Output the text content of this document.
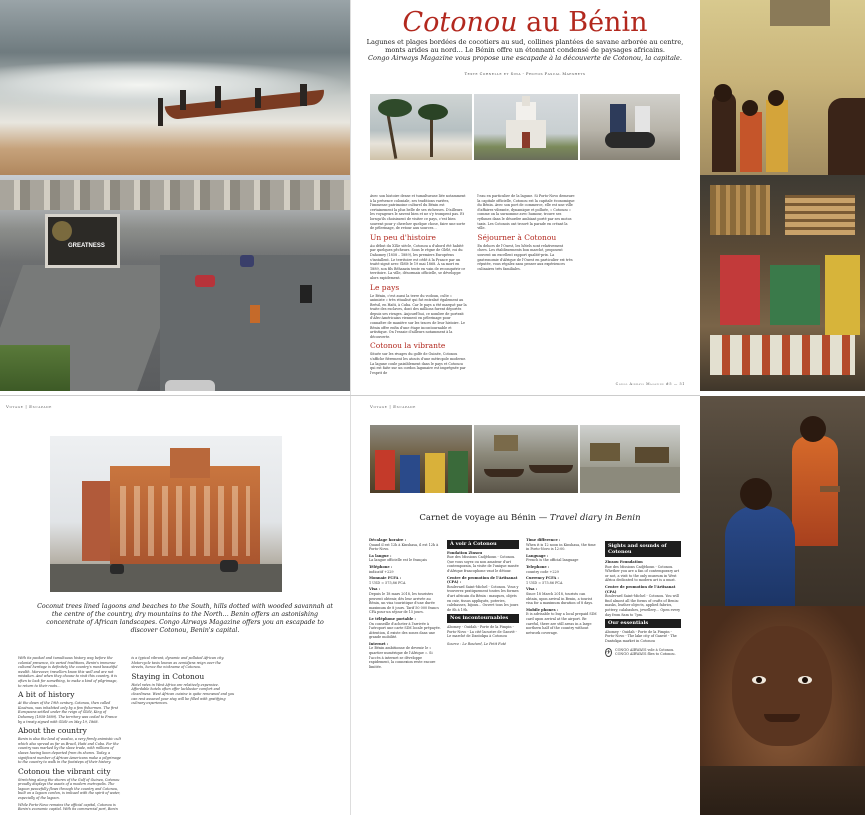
GREATNESS
Cotonou au Bénin
Lagunes et plages bordées de cocotiers au sud, collines plantées de savane arborée au centre, monts arides au nord… Le Bénin offre un étonnant condensé de paysages africains.
Congo Airways Magazine vous propose une escapade à la découverte de Cotonou, la capitale.
Texte Cornelle et Sina - Photos Pascal Maeshets

Avec son histoire dense et tumultueuse liée notamment à la présence coloniale, ses traditions variées, l'immense patrimoine culturel du Bénin est certainement la plus belle de ses richesses. D'ailleurs les voyageurs le savent bien et ne s'y trompent pas. Et lorsqu'ils choisissent de visiter ce pays, c'est bien souvent pour y chercher quelque chose, faire une sorte de pèlerinage, de retour aux sources…

Un peu d'histoire

Au début du XIXe siècle, Cotonou a d'abord été habité par quelques pêcheurs. Sous le règne de Glélé, roi du Dahomey (1858 – 1889), les premiers Européens s'installent. Le territoire est cédé à la France par un traité signé avec Glélé le 19 mai 1868. À sa mort en 1889, son fils Béhanzin tente en vain de reconquérir ce territoire. La ville, désormais officielle, se développe alors rapidement.

Le pays

Le Bénin, c'est aussi la terre du vodoun, culte « animiste » très ritualisé qui fut entraîné également au Brésil, en Haïti, à Cuba. Car le pays a été marqué par la traite des esclaves, dont des millions furent déportés depuis ses rivages. Aujourd'hui, ce nombre de portrait d'Afro-Américains viennent en pèlerinage pour connaître de manière sur les traces de leur histoire. Le Bénin offre enfin d'une étape incontournable et artistique. On l'essaie d'ailleurs notamment à la découverte.

Cotonou la vibrante

Située sur les rivages du golfe de Guinée, Cotonou s'affiche fièrement les atouts d'une métropole moderne. La lagune coule paisiblement dans le pays et Cotonou qui est faite sur un cordon lagunaire est imprégnée par l'esprit de

l'eau en particulier de la lagune. Si Porto-Novo demeure la capitale officielle, Cotonou est la capitale économique du Bénin. Avec son port de commerce, elle est une ville d'affaires vibrante, dynamique et polluée, « Cotonou » comme on la surnomme avec humour, trouve ses rythmes dans le désordre ambiant porté par ses motos taxis. Les Cotonois ont trouvé la parade en créant la ville.

Séjourner à Cotonou

En dehors de l'Ouest, les hôtels sont relativement chers. Les établissements bon marché, proposent souvent un excellent rapport qualité-prix. La gastronomie d'Afrique de l'Ouest en particulier est très réputée, vous régalez sans penser aux expériences culinaires très familiales.

Congo Airways Magazine #5 — 51
Voyage | Escapade
Coconut trees lined lagoons and beaches to the South, hills dotted with wooded savannah at the centre of the country, dry mountains to the North… Benin offers an astonishing concentrate of African landscapes. Congo Airways Magazine offers you an escapade to discover Cotonou, Benin's capital.

With its packed and tumultuous history way before the colonial presence, its varied traditions, Benin's immense cultural heritage is definitely the country's most beautiful wealth. Moreover, travellers know this well and are not mistaken. And when they choose to visit this country, it is often to look for something, to make a kind of pilgrimage, to return to their roots…

A bit of history

At the dawn of the 19th century, Cotonou, then called Kouénou, was inhabited only by a few fishermen. The first Europeans settled under the reign of Glélé, King of Dahomey (1858-1889). The territory was ceded to France by a treaty signed with Glélé on May 19, 1868.

About the country

Benin is also the land of voodoo, a very firmly animistic cult which also spread as far as Brazil, Haiti and Cuba. For the country was marked by the slave trade, with millions of slaves having been deported from its shores. Today, a significant number of African-Americans make a pilgrimage to the country to walk in the footsteps of their history.

Cotonou the vibrant city

Stretching along the shores of the Gulf of Guinea, Cotonou proudly displays the assets of a modern metropolis. The lagoon peacefully flows through the country and Cotonou, built on a lagoon cordon, is imbued with the spirit of water, especially of the lagoon.

While Porto-Novo remains the official capital, Cotonou is Benin's economic capital. With its commercial port, Benin is a typical vibrant, dynamic and polluted African city. Motorcycle taxis known as zemidjans reign over the streets, hence the nickname of Cotonou.

Staying in Cotonou

Hotel rates in West Africa are relatively expensive. Affordable hotels often offer lackluster comfort and cleanliness. West African cuisine is quite renowned and you can rest assured your stay will be filled with gratifying culinary experiences.

Voyage | Escapade
Carnet de voyage au Bénin — Travel diary in Benin
Décalage horaire :
Quand il est 12h à Kinshasa, il est 12h à Porto-Novo.
La langue :
La langue officielle est le français
Téléphone :
indicatif +229
Monnaie FCFA :
1 USD = 575,86 FCA
Visa :
Depuis le 18 mars 2018, les touristes peuvent obtenir, dès leur arrivée au Bénin, un visa touristique d'une durée maximum de 8 jours. Tarif 50 000 francs CFA pour un séjour de 15 jours.
Le téléphone portable :
On conseille d'acheter à l'arrivée à l'aéroport une carte SIM locale prépayée. Attention, il existe des zones dans une grande mobilité.
Internet :
Le Bénin ambitionne de devenir le « quartier numérique de l'Afrique ». Si l'accès à internet se développe rapidement, la connexion reste encore limitée.
À voir à Cotonou
Fondation Zinsou
Rue des Missions Cadjèhoun - Cotonou. Que vous soyez ou non amateur d'art contemporain, la visite de l'unique musée d'Afrique francophone vaut le détour.
Centre de promotion de l'Artisanat (CPA) :
Boulevard Saint-Michel - Cotonou. Vous y trouverez pratiquement toutes les formes d'art africain du Bénin : masques, objets en cuir, tissus appliqués, poteries, calebasses, bijoux… Ouvert tous les jours de 8h à 19h.
Nos incontournables
Abomey - Ouidah - Porte de la Pimpin - Porto-Novo - La cité lacustre de Ganvié - Le marché de Dantokpa à Cotonou
Source : Le Routard, Le Petit Futé
Time difference :
When it is 12 noon in Kinshasa, the time in Porto-Novo is 12:00.
Language :
French is the official language
Telephone :
country code +229
Currency FCFA :
1 USD = 575.86 FCA
Visa :
Since 18 March 2018, tourists can obtain, upon arrival in Benin, a tourist visa for a maximum duration of 8 days.
Mobile phones :
It is advisable to buy a local prepaid SIM card upon arrival at the airport. Be careful, there are still areas in a large northern half of the country without network coverage.
Sights and sounds of Cotonou
Zinsou Foundation
Rue des Missions Cadjèhoun - Cotonou. Whether you are a fan of contemporary art or not, a visit to the only museum in West Africa dedicated to modern art is a must.
Centre de promotion de l'Artisanat (CPA)
Boulevard Saint-Michel - Cotonou. You will find almost all the forms of crafts of Benin: masks, leather objects, applied fabrics, pottery, calabashes, jewellery… Open every day from 8am to 7pm.
Our essentials
Abomey - Ouidah - Porte de la Pimpin - Porto-Novo - The lake city of Ganvié - The Dantokpa market in Cotonou
✈ CONGO AIRWAYS vole à Cotonou. CONGO AIRWAYS flies to Cotonou.
